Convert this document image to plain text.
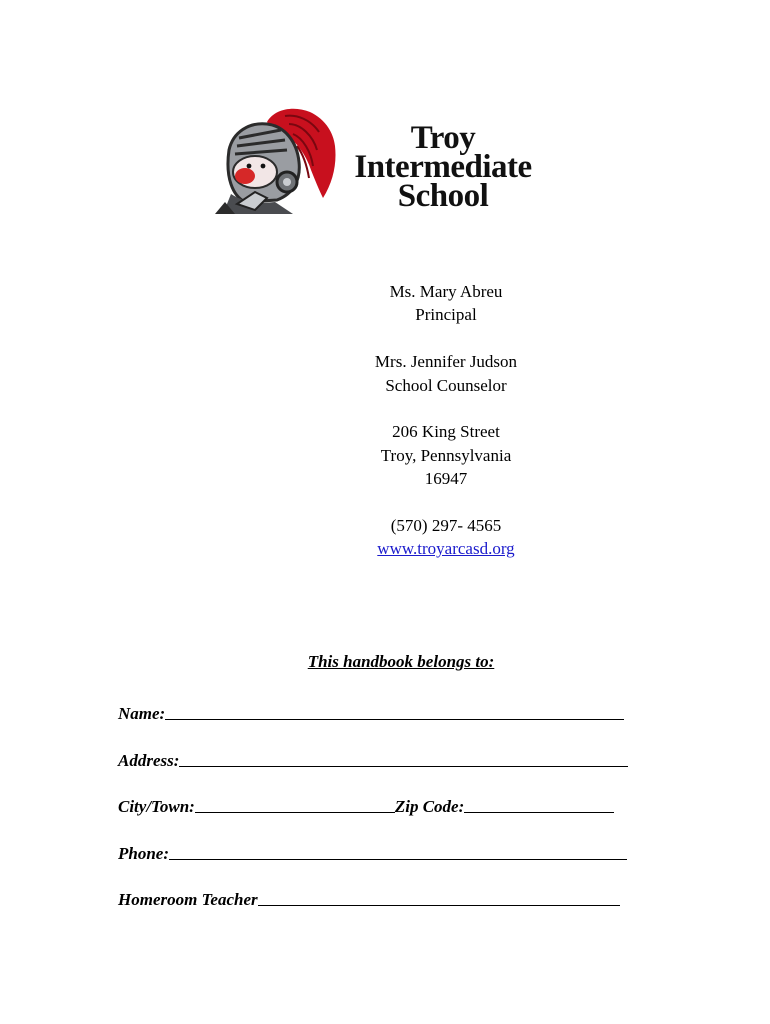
Troy
Intermediate
School
Ms. Mary Abreu
Principal
Mrs. Jennifer Judson
School Counselor
206 King Street
Troy, Pennsylvania
16947
(570) 297- 4565
www.troyarcasd.org
This handbook belongs to:
Name:
Address:
City/Town:	Zip Code:
Phone:
Homeroom Teacher
